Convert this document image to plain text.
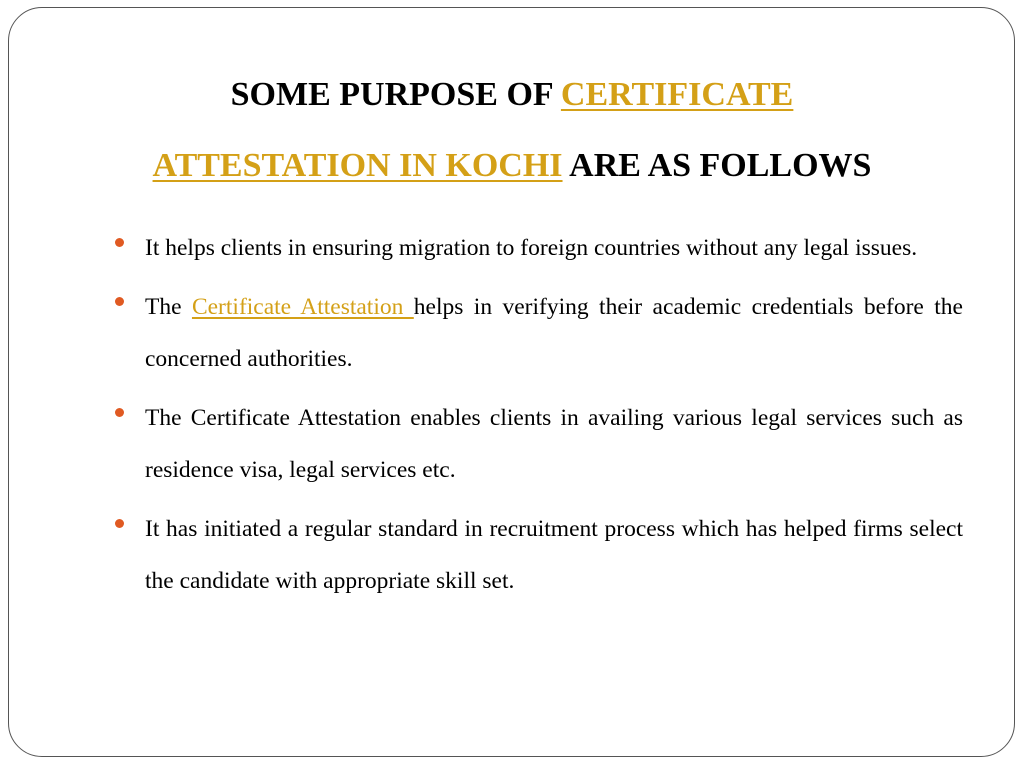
SOME PURPOSE OF CERTIFICATE
ATTESTATION IN KOCHI ARE AS FOLLOWS
It helps clients in ensuring migration to foreign countries without any legal issues.
The Certificate Attestation helps in verifying their academic credentials before the concerned authorities.
The Certificate Attestation enables clients in availing various legal services such as residence visa, legal services etc.
It has initiated a regular standard in recruitment process which has helped firms select the candidate with appropriate skill set.
